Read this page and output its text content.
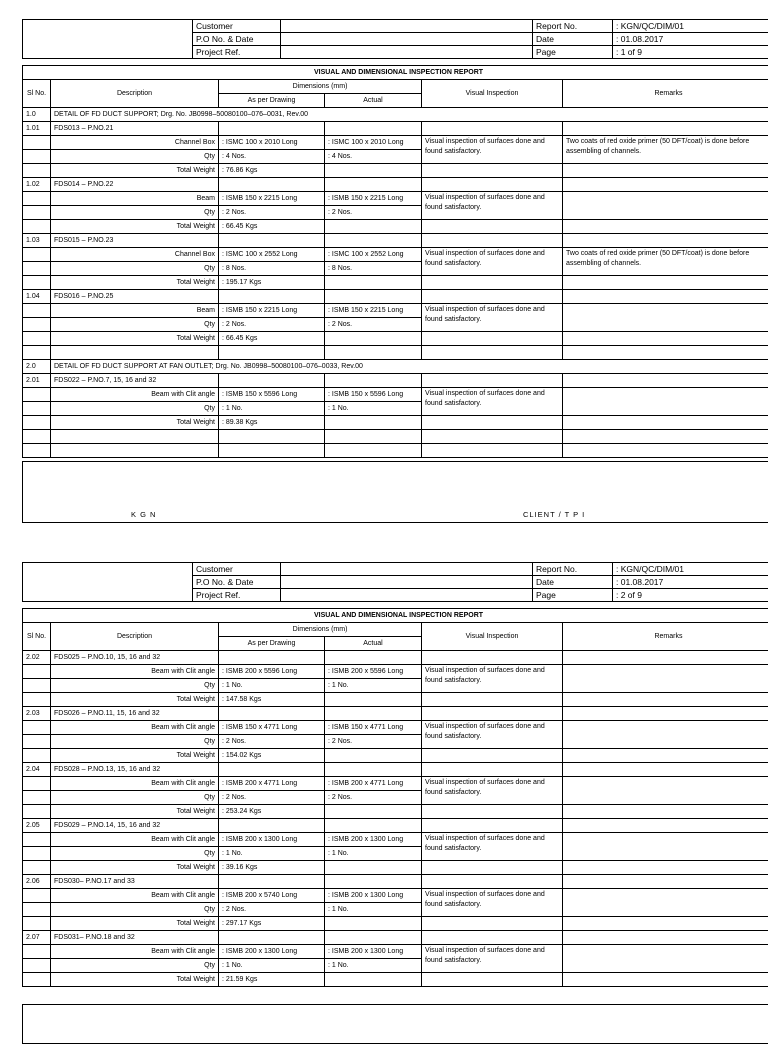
	Customer		Report No.	: KGN/QC/DIM/01
	P.O No. & Date		Date	: 01.08.2017
	Project Ref.		Page	: 1 of 9
VISUAL AND DIMENSIONAL INSPECTION REPORT					
Sl No.	Description	Dimensions (mm)		Visual Inspection	Remarks
		As per Drawing	Actual		
1.0	DETAIL OF FD DUCT SUPPORT; Drg. No. JB0998–50080100–076–0031, Rev.00				
1.01	FDS013 – P.NO.21				
	Channel Box	: ISMC 100 x 2010 Long	: ISMC 100 x 2010 Long	Visual inspection of surfaces done and found satisfactory.	Two coats of red oxide primer (50 DFT/coat) is done before assembling of channels.
	Qty	: 4 Nos.	: 4 Nos.		
	Total Weight	: 76.86 Kgs			
1.02	FDS014 – P.NO.22				
	Beam	: ISMB 150 x 2215 Long	: ISMB 150 x 2215 Long	Visual inspection of surfaces done and found satisfactory.	
	Qty	: 2 Nos.	: 2 Nos.		
	Total Weight	: 66.45 Kgs			
1.03	FDS015 – P.NO.23				
	Channel Box	: ISMC 100 x 2552 Long	: ISMC 100 x 2552 Long	Visual inspection of surfaces done and found satisfactory.	Two coats of red oxide primer (50 DFT/coat) is done before assembling of channels.
	Qty	: 8 Nos.	: 8 Nos.		
	Total Weight	: 195.17 Kgs			
1.04	FDS016 – P.NO.25				
	Beam	: ISMB 150 x 2215 Long	: ISMB 150 x 2215 Long	Visual inspection of surfaces done and found satisfactory.	
	Qty	: 2 Nos.	: 2 Nos.		
	Total Weight	: 66.45 Kgs			

2.0	DETAIL OF FD DUCT SUPPORT AT FAN OUTLET; Drg. No. JB0998–50080100–076–0033, Rev.00				
2.01	FDS022 – P.NO.7, 15, 16 and 32				
	Beam with Clit angle	: ISMB 150 x 5596 Long	: ISMB 150 x 5596 Long	Visual inspection of surfaces done and found satisfactory.	
	Qty	: 1 No.	: 1 No.		
	Total Weight	: 89.38 Kgs			

K G N	CLIENT / T P I
	Customer		Report No.	: KGN/QC/DIM/01
	P.O No. & Date		Date	: 01.08.2017
	Project Ref.		Page	: 2 of 9
VISUAL AND DIMENSIONAL INSPECTION REPORT					
Sl No.	Description	Dimensions (mm)		Visual Inspection	Remarks
		As per Drawing	Actual		
2.02	FDS025 – P.NO.10, 15, 16 and 32				
	Beam with Clit angle	: ISMB 200 x 5596 Long	: ISMB 200 x 5596 Long	Visual inspection of surfaces done and found satisfactory.	
	Qty	: 1 No.	: 1 No.		
	Total Weight	: 147.58 Kgs			
2.03	FDS026 – P.NO.11, 15, 16 and 32				
	Beam with Clit angle	: ISMB 150 x 4771 Long	: ISMB 150 x 4771 Long	Visual inspection of surfaces done and found satisfactory.	
	Qty	: 2 Nos.	: 2 Nos.		
	Total Weight	: 154.02 Kgs			
2.04	FDS028 – P.NO.13, 15, 16 and 32				
	Beam with Clit angle	: ISMB 200 x 4771 Long	: ISMB 200 x 4771 Long	Visual inspection of surfaces done and found satisfactory.	
	Qty	: 2 Nos.	: 2 Nos.		
	Total Weight	: 253.24 Kgs			
2.05	FDS029 – P.NO.14, 15, 16 and 32				
	Beam with Clit angle	: ISMB 200 x 1300 Long	: ISMB 200 x 1300 Long	Visual inspection of surfaces done and found satisfactory.	
	Qty	: 1 No.	: 1 No.		
	Total Weight	: 39.16 Kgs			
2.06	FDS030– P.NO.17 and 33				
	Beam with Clit angle	: ISMB 200 x 5740 Long	: ISMB 200 x 1300 Long	Visual inspection of surfaces done and found satisfactory.	
	Qty	: 2 Nos.	: 1 No.		
	Total Weight	: 297.17 Kgs			
2.07	FDS031– P.NO.18 and 32				
	Beam with Clit angle	: ISMB 200 x 1300 Long	: ISMB 200 x 1300 Long	Visual inspection of surfaces done and found satisfactory.	
	Qty	: 1 No.	: 1 No.		
	Total Weight	: 21.59 Kgs			
